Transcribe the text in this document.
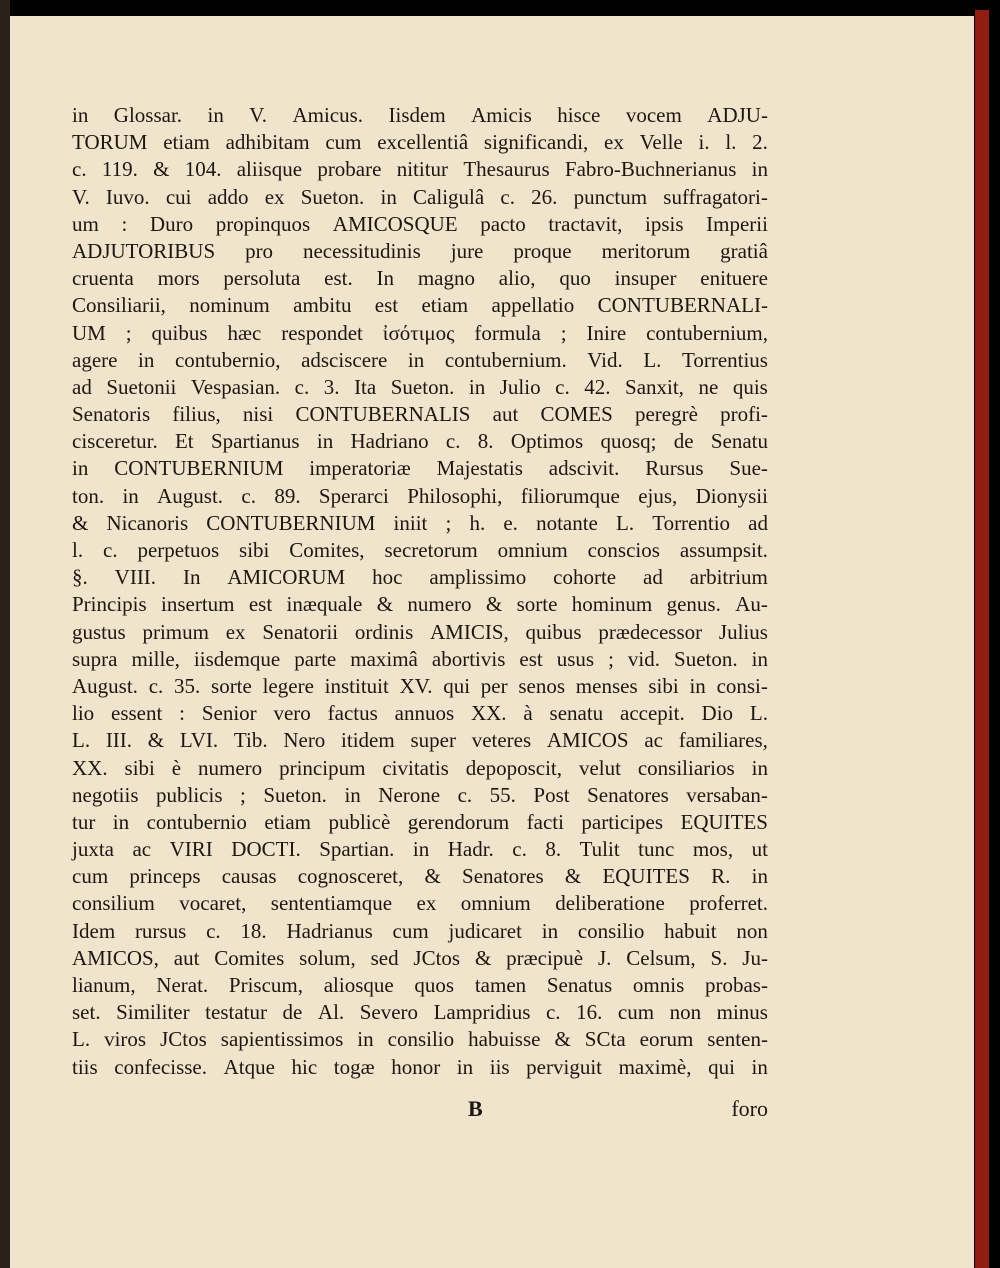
in Glossar. in V. Amicus. Iisdem Amicis hisce vocem ADJU-
TORUM etiam adhibitam cum excellentiâ significandi, ex Velle i. l. 2.
c. 119. & 104. aliisque probare nititur Thesaurus Fabro-Buchnerianus in
V. Iuvo. cui addo ex Sueton. in Caligulâ c. 26. punctum suffragatori-
um : Duro propinquos AMICOSQUE pacto tractavit, ipsis Imperii
ADJUTORIBUS pro necessitudinis jure proque meritorum gratiâ
cruenta mors persoluta est. In magno alio, quo insuper enituere
Consiliarii, nominum ambitu est etiam appellatio CONTUBERNALI-
UM ; quibus hæc respondet ἰσότιμος formula ; Inire contubernium,
agere in contubernio, adsciscere in contubernium. Vid. L. Torrentius
ad Suetonii Vespasian. c. 3. Ita Sueton. in Julio c. 42. Sanxit, ne quis
Senatoris filius, nisi CONTUBERNALIS aut COMES peregrè profi-
cisceretur. Et Spartianus in Hadriano c. 8. Optimos quosq; de Senatu
in CONTUBERNIUM imperatoriæ Majestatis adscivit. Rursus Sue-
ton. in August. c. 89. Sperarci Philosophi, filiorumque ejus, Dionysii
& Nicanoris CONTUBERNIUM iniit ; h. e. notante L. Torrentio ad
l. c. perpetuos sibi Comites, secretorum omnium conscios assumpsit.
§. VIII. In AMICORUM hoc amplissimo cohorte ad arbitrium
Principis insertum est inæquale & numero & sorte hominum genus. Au-
gustus primum ex Senatorii ordinis AMICIS, quibus prædecessor Julius
supra mille, iisdemque parte maximâ abortivis est usus ; vid. Sueton. in
August. c. 35. sorte legere instituit XV. qui per senos menses sibi in consi-
lio essent : Senior vero factus annuos XX. à senatu accepit. Dio L.
L. III. & LVI. Tib. Nero itidem super veteres AMICOS ac familiares,
XX. sibi è numero principum civitatis depoposcit, velut consiliarios in
negotiis publicis ; Sueton. in Nerone c. 55. Post Senatores versaban-
tur in contubernio etiam publicè gerendorum facti participes EQUITES
juxta ac VIRI DOCTI. Spartian. in Hadr. c. 8. Tulit tunc mos, ut
cum princeps causas cognosceret, & Senatores & EQUITES R. in
consilium vocaret, sententiamque ex omnium deliberatione proferret.
Idem rursus c. 18. Hadrianus cum judicaret in consilio habuit non
AMICOS, aut Comites solum, sed JCtos & præcipuè J. Celsum, S. Ju-
lianum, Nerat. Priscum, aliosque quos tamen Senatus omnis probas-
set. Similiter testatur de Al. Severo Lampridius c. 16. cum non minus
L. viros JCtos sapientissimos in consilio habuisse & SCta eorum senten-
tiis confecisse. Atque hic togæ honor in iis perviguit maximè, qui in
B	foro
